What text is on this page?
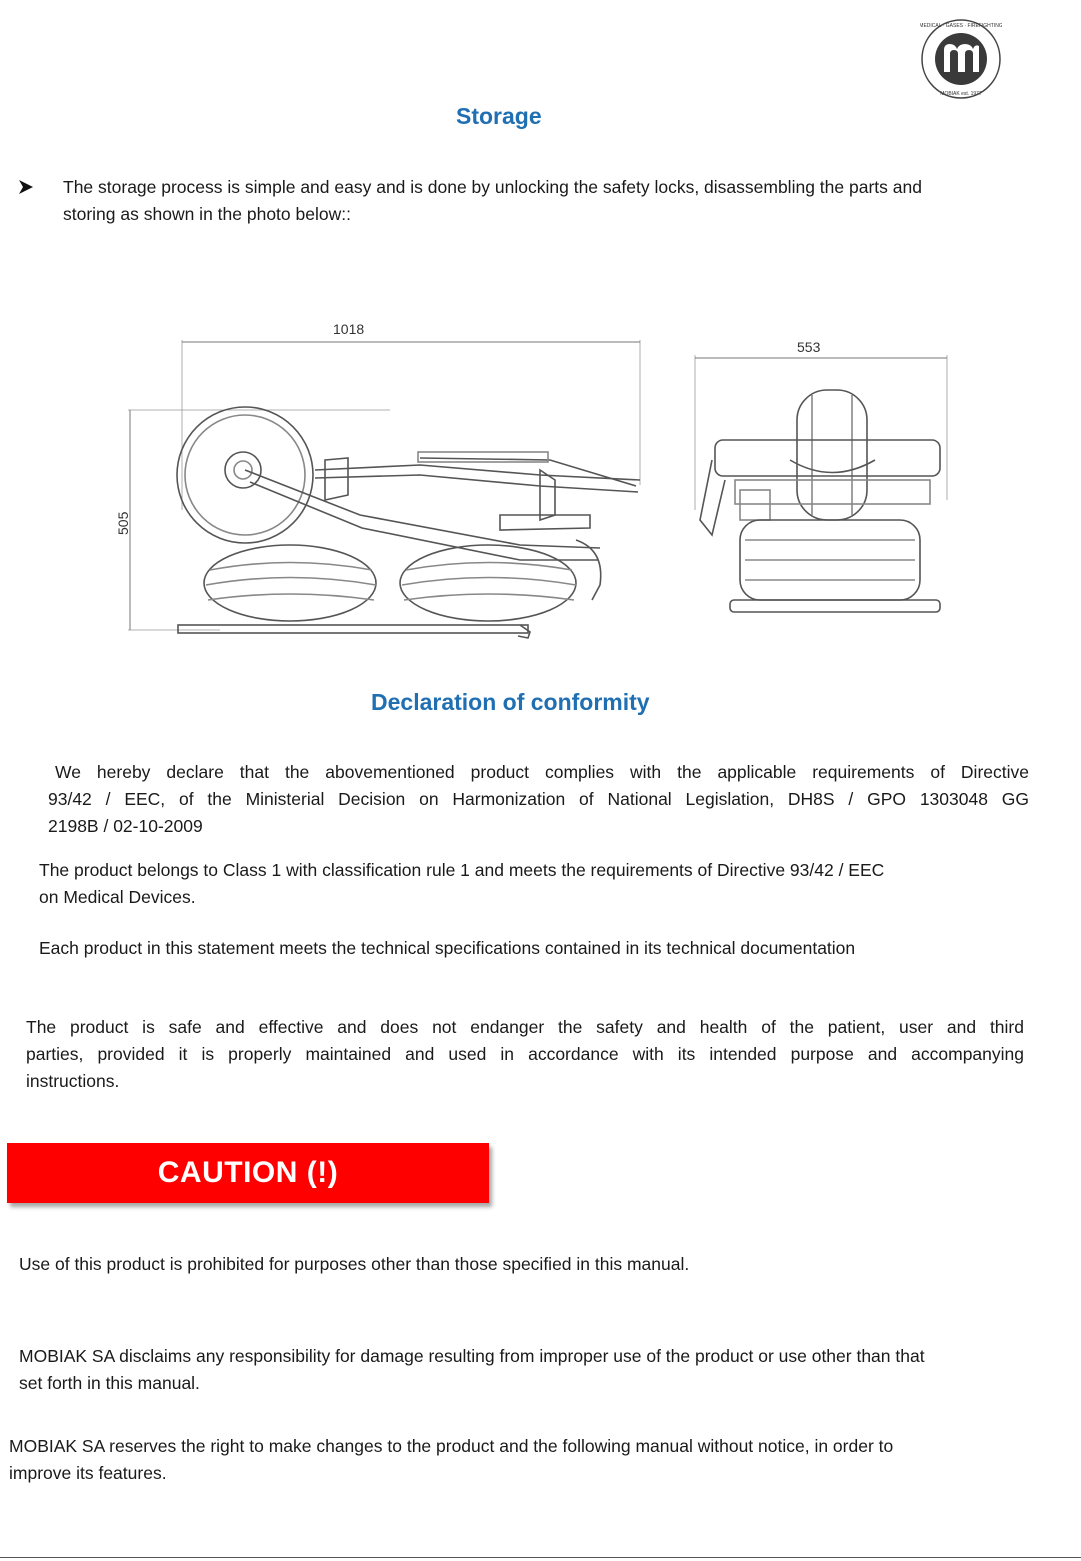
MEDICAL · GASES · FIREFIGHTING
MOBIAK est. 1977
Storage
The storage process is simple and easy and is done by unlocking the safety locks, disassembling the parts and
storing as shown in the photo below::
1018
505
553
Declaration of conformity
We hereby declare that the abovementioned product complies with the applicable requirements of Directive
93/42 / EEC, of the Ministerial Decision on Harmonization of National Legislation, DH8S / GPO 1303048 GG
2198B / 02-10-2009
The product belongs to Class 1 with classification rule 1 and meets the requirements of Directive 93/42 / EEC
on Medical Devices.
Each product in this statement meets the technical specifications contained in its technical documentation
The product is safe and effective and does not endanger the safety and health of the patient, user and third
parties, provided it is properly maintained and used in accordance with its intended purpose and accompanying
instructions.
CAUTION (!)
Use of this product is prohibited for purposes other than those specified in this manual.
MOBIAK SA disclaims any responsibility for damage resulting from improper use of the product or use other than that
set forth in this manual.
MOBIAK SA reserves the right to make changes to the product and the following manual without notice, in order to
improve its features.
